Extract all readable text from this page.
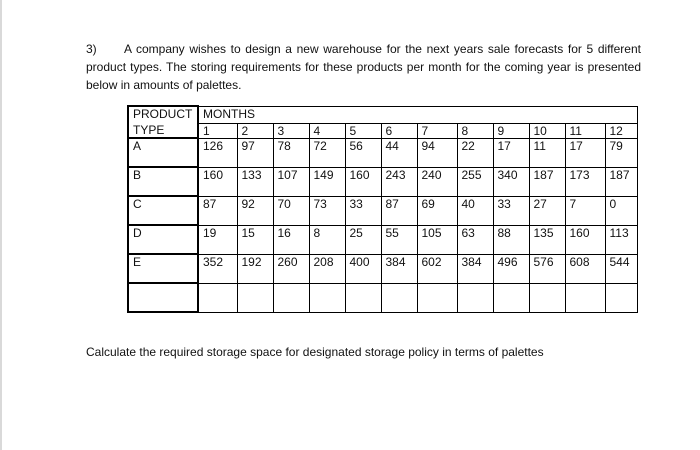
3) A company wishes to design a new warehouse for the next years sale forecasts for 5 different product types. The storing requirements for these products per month for the coming year is presented below in amounts of palettes.
PRODUCT	MONTHS											
TYPE	1	2	3	4	5	6	7	8	9	10	11	12
A	126	97	78	72	56	44	94	22	17	11	17	79
B	160	133	107	149	160	243	240	255	340	187	173	187
C	87	92	70	73	33	87	69	40	33	27	7	0
D	19	15	16	8	25	55	105	63	88	135	160	113
E	352	192	260	208	400	384	602	384	496	576	608	544

Calculate the required storage space for designated storage policy in terms of palettes
